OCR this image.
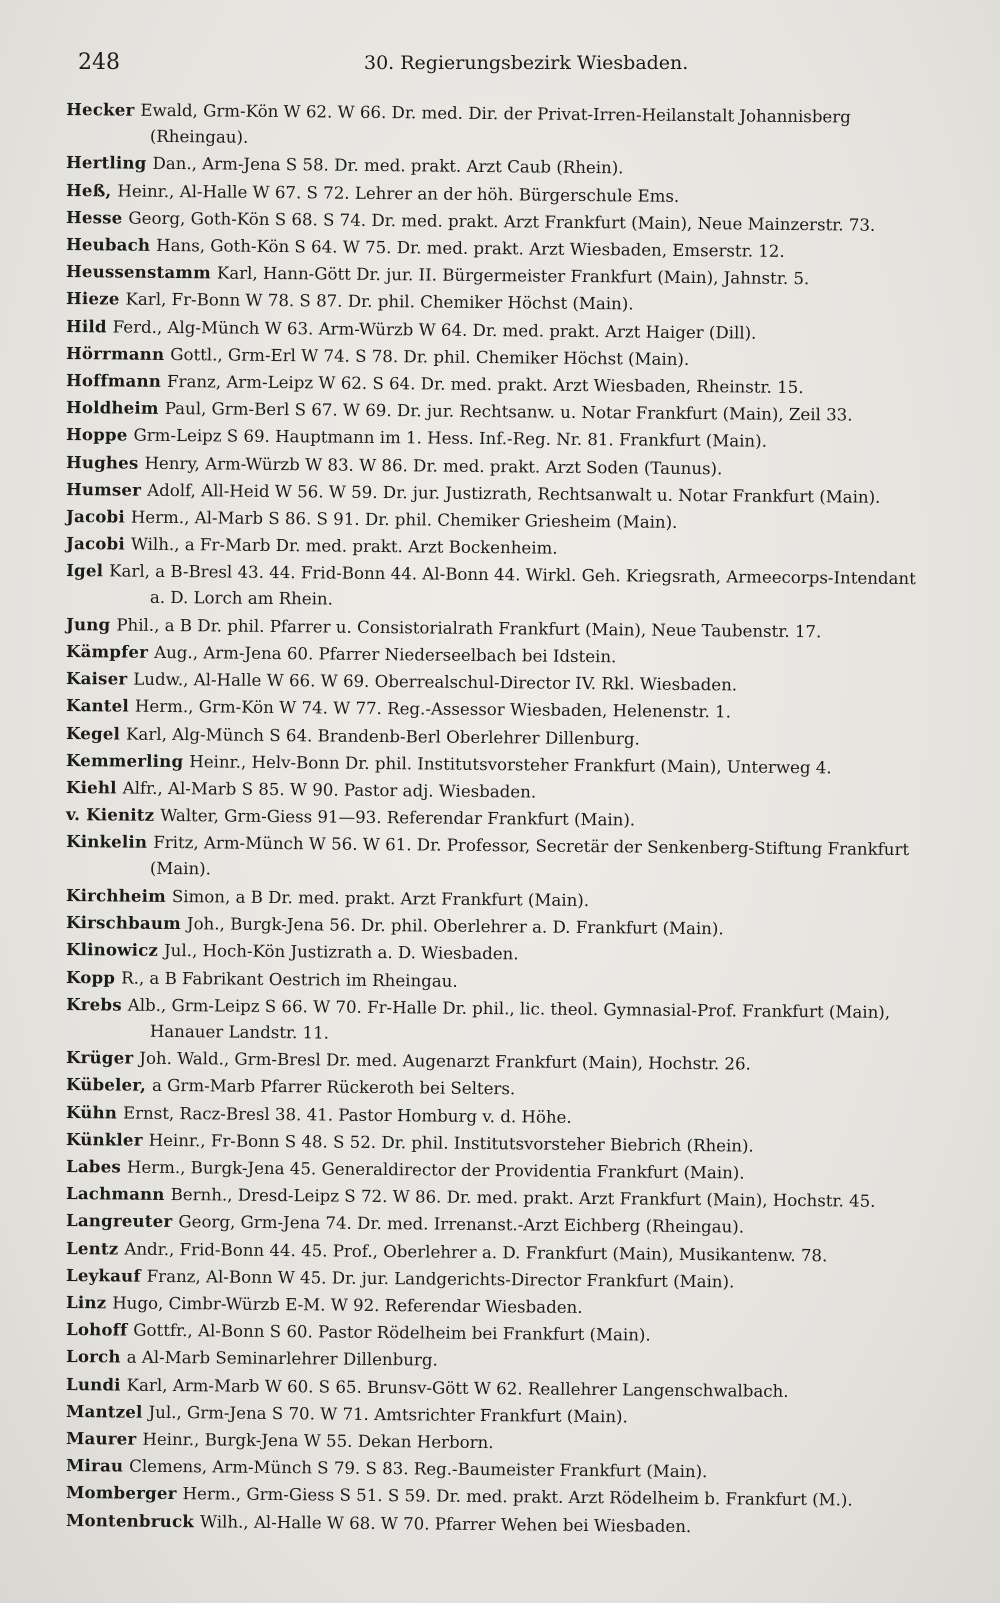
248	30. Regierungsbezirk Wiesbaden.
Hecker Ewald, Grm-Kön W 62. W 66. Dr. med. Dir. der Privat-Irren-Heilanstalt Johannisberg (Rheingau).
Hertling Dan., Arm-Jena S 58. Dr. med. prakt. Arzt Caub (Rhein).
Heß, Heinr., Al-Halle W 67. S 72. Lehrer an der höh. Bürgerschule Ems.
Hesse Georg, Goth-Kön S 68. S 74. Dr. med. prakt. Arzt Frankfurt (Main), Neue Mainzerstr. 73.
Heubach Hans, Goth-Kön S 64. W 75. Dr. med. prakt. Arzt Wiesbaden, Emserstr. 12.
Heussenstamm Karl, Hann-Gött Dr. jur. II. Bürgermeister Frankfurt (Main), Jahnstr. 5.
Hieze Karl, Fr-Bonn W 78. S 87. Dr. phil. Chemiker Höchst (Main).
Hild Ferd., Alg-Münch W 63. Arm-Würzb W 64. Dr. med. prakt. Arzt Haiger (Dill).
Hörrmann Gottl., Grm-Erl W 74. S 78. Dr. phil. Chemiker Höchst (Main).
Hoffmann Franz, Arm-Leipz W 62. S 64. Dr. med. prakt. Arzt Wiesbaden, Rheinstr. 15.
Holdheim Paul, Grm-Berl S 67. W 69. Dr. jur. Rechtsanw. u. Notar Frankfurt (Main), Zeil 33.
Hoppe Grm-Leipz S 69. Hauptmann im 1. Hess. Inf.-Reg. Nr. 81. Frankfurt (Main).
Hughes Henry, Arm-Würzb W 83. W 86. Dr. med. prakt. Arzt Soden (Taunus).
Humser Adolf, All-Heid W 56. W 59. Dr. jur. Justizrath, Rechtsanwalt u. Notar Frankfurt (Main).
Jacobi Herm., Al-Marb S 86. S 91. Dr. phil. Chemiker Griesheim (Main).
Jacobi Wilh., a Fr-Marb Dr. med. prakt. Arzt Bockenheim.
Igel Karl, a B-Bresl 43. 44. Frid-Bonn 44. Al-Bonn 44. Wirkl. Geh. Kriegsrath, Armeecorps-Intendant a. D. Lorch am Rhein.
Jung Phil., a B Dr. phil. Pfarrer u. Consistorialrath Frankfurt (Main), Neue Taubenstr. 17.
Kämpfer Aug., Arm-Jena 60. Pfarrer Niederseelbach bei Idstein.
Kaiser Ludw., Al-Halle W 66. W 69. Oberrealschul-Director IV. Rkl. Wiesbaden.
Kantel Herm., Grm-Kön W 74. W 77. Reg.-Assessor Wiesbaden, Helenenstr. 1.
Kegel Karl, Alg-Münch S 64. Brandenb-Berl Oberlehrer Dillenburg.
Kemmerling Heinr., Helv-Bonn Dr. phil. Institutsvorsteher Frankfurt (Main), Unterweg 4.
Kiehl Alfr., Al-Marb S 85. W 90. Pastor adj. Wiesbaden.
v. Kienitz Walter, Grm-Giess 91—93. Referendar Frankfurt (Main).
Kinkelin Fritz, Arm-Münch W 56. W 61. Dr. Professor, Secretär der Senkenberg-Stiftung Frankfurt (Main).
Kirchheim Simon, a B Dr. med. prakt. Arzt Frankfurt (Main).
Kirschbaum Joh., Burgk-Jena 56. Dr. phil. Oberlehrer a. D. Frankfurt (Main).
Klinowicz Jul., Hoch-Kön Justizrath a. D. Wiesbaden.
Kopp R., a B Fabrikant Oestrich im Rheingau.
Krebs Alb., Grm-Leipz S 66. W 70. Fr-Halle Dr. phil., lic. theol. Gymnasial-Prof. Frankfurt (Main), Hanauer Landstr. 11.
Krüger Joh. Wald., Grm-Bresl Dr. med. Augenarzt Frankfurt (Main), Hochstr. 26.
Kübeler, a Grm-Marb Pfarrer Rückeroth bei Selters.
Kühn Ernst, Racz-Bresl 38. 41. Pastor Homburg v. d. Höhe.
Künkler Heinr., Fr-Bonn S 48. S 52. Dr. phil. Institutsvorsteher Biebrich (Rhein).
Labes Herm., Burgk-Jena 45. Generaldirector der Providentia Frankfurt (Main).
Lachmann Bernh., Dresd-Leipz S 72. W 86. Dr. med. prakt. Arzt Frankfurt (Main), Hochstr. 45.
Langreuter Georg, Grm-Jena 74. Dr. med. Irrenanst.-Arzt Eichberg (Rheingau).
Lentz Andr., Frid-Bonn 44. 45. Prof., Oberlehrer a. D. Frankfurt (Main), Musikantenw. 78.
Leykauf Franz, Al-Bonn W 45. Dr. jur. Landgerichts-Director Frankfurt (Main).
Linz Hugo, Cimbr-Würzb E-M. W 92. Referendar Wiesbaden.
Lohoff Gottfr., Al-Bonn S 60. Pastor Rödelheim bei Frankfurt (Main).
Lorch a Al-Marb Seminarlehrer Dillenburg.
Lundi Karl, Arm-Marb W 60. S 65. Brunsv-Gött W 62. Reallehrer Langenschwalbach.
Mantzel Jul., Grm-Jena S 70. W 71. Amtsrichter Frankfurt (Main).
Maurer Heinr., Burgk-Jena W 55. Dekan Herborn.
Mirau Clemens, Arm-Münch S 79. S 83. Reg.-Baumeister Frankfurt (Main).
Momberger Herm., Grm-Giess S 51. S 59. Dr. med. prakt. Arzt Rödelheim b. Frankfurt (M.).
Montenbruck Wilh., Al-Halle W 68. W 70. Pfarrer Wehen bei Wiesbaden.
